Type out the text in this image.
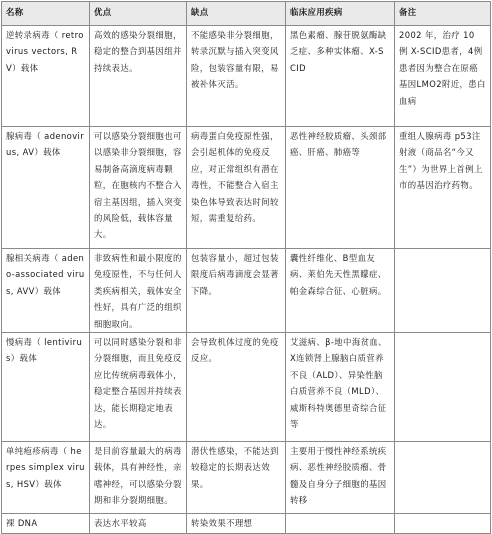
名称	优点	缺点	临床应用疾病	备注
逆转录病毒（ retrovirus vectors, RV）载体	高效的感染分裂细胞，稳定的整合到基因组并持续表达。	不能感染非分裂细胞，转录沉默与插入突变风险，包装容量有限，易被补体灭活。	黑色素瘤、腺苷脱氨酶缺乏症、多种实体瘤、X-SCID	2002 年，治疗 10 例 X-SCID患者，4例患者因为整合在原癌基因LMO2附近，患白血病
腺病毒（ adenovirus, AV）载体	可以感染分裂细胞也可以感染非分裂细胞，容易制备高滴度病毒颗粒，在胞核内不整合入宿主基因组，插入突变的风险低，载体容量大。	病毒蛋白免疫原性强，会引起机体的免疫反应，对正常组织有潜在毒性，不能整合入宿主染色体导致表达时间较短，需重复给药。	恶性神经胶质瘤、头颈部癌、肝癌、肺癌等	重组人腺病毒 p53注射液（商品名“今又生”）为世界上首例上市的基因治疗药物。
腺相关病毒（ adeno-associated virus, AVV）载体	非致病性和最小限度的免疫原性，不与任何人类疾病相关，载体安全性好，具有广泛的组织细胞取向。	包装容量小，超过包装限度后病毒滴度会显著下降。	囊性纤维化、B型血友病、莱伯先天性黑矇症、帕金森综合征、心脏病。	
慢病毒（ lentivirus）载体	可以同时感染分裂和非分裂细胞，而且免疫反应比传统病毒载体小，稳定整合基因并持续表达，能长期稳定地表达。	会导致机体过度的免疫反应。	艾滋病、β-地中海贫血、X连锁肾上腺脑白质营养不良（ALD）、异染性脑白质营养不良（MLD）、威斯科特奥德里奇综合征等	
单纯疱疹病毒（ herpes simplex virus, HSV）载体	是目前容量最大的病毒载体，具有神经性，亲嗜神经，可以感染分裂期和非分裂期细胞。	潜伏性感染，不能达到较稳定的长期表达效果。	主要用于慢性神经系统疾病、恶性神经胶质瘤、骨髓及自身分子细胞的基因转移	
裸 DNA	表达水平较高	转染效果不理想		
